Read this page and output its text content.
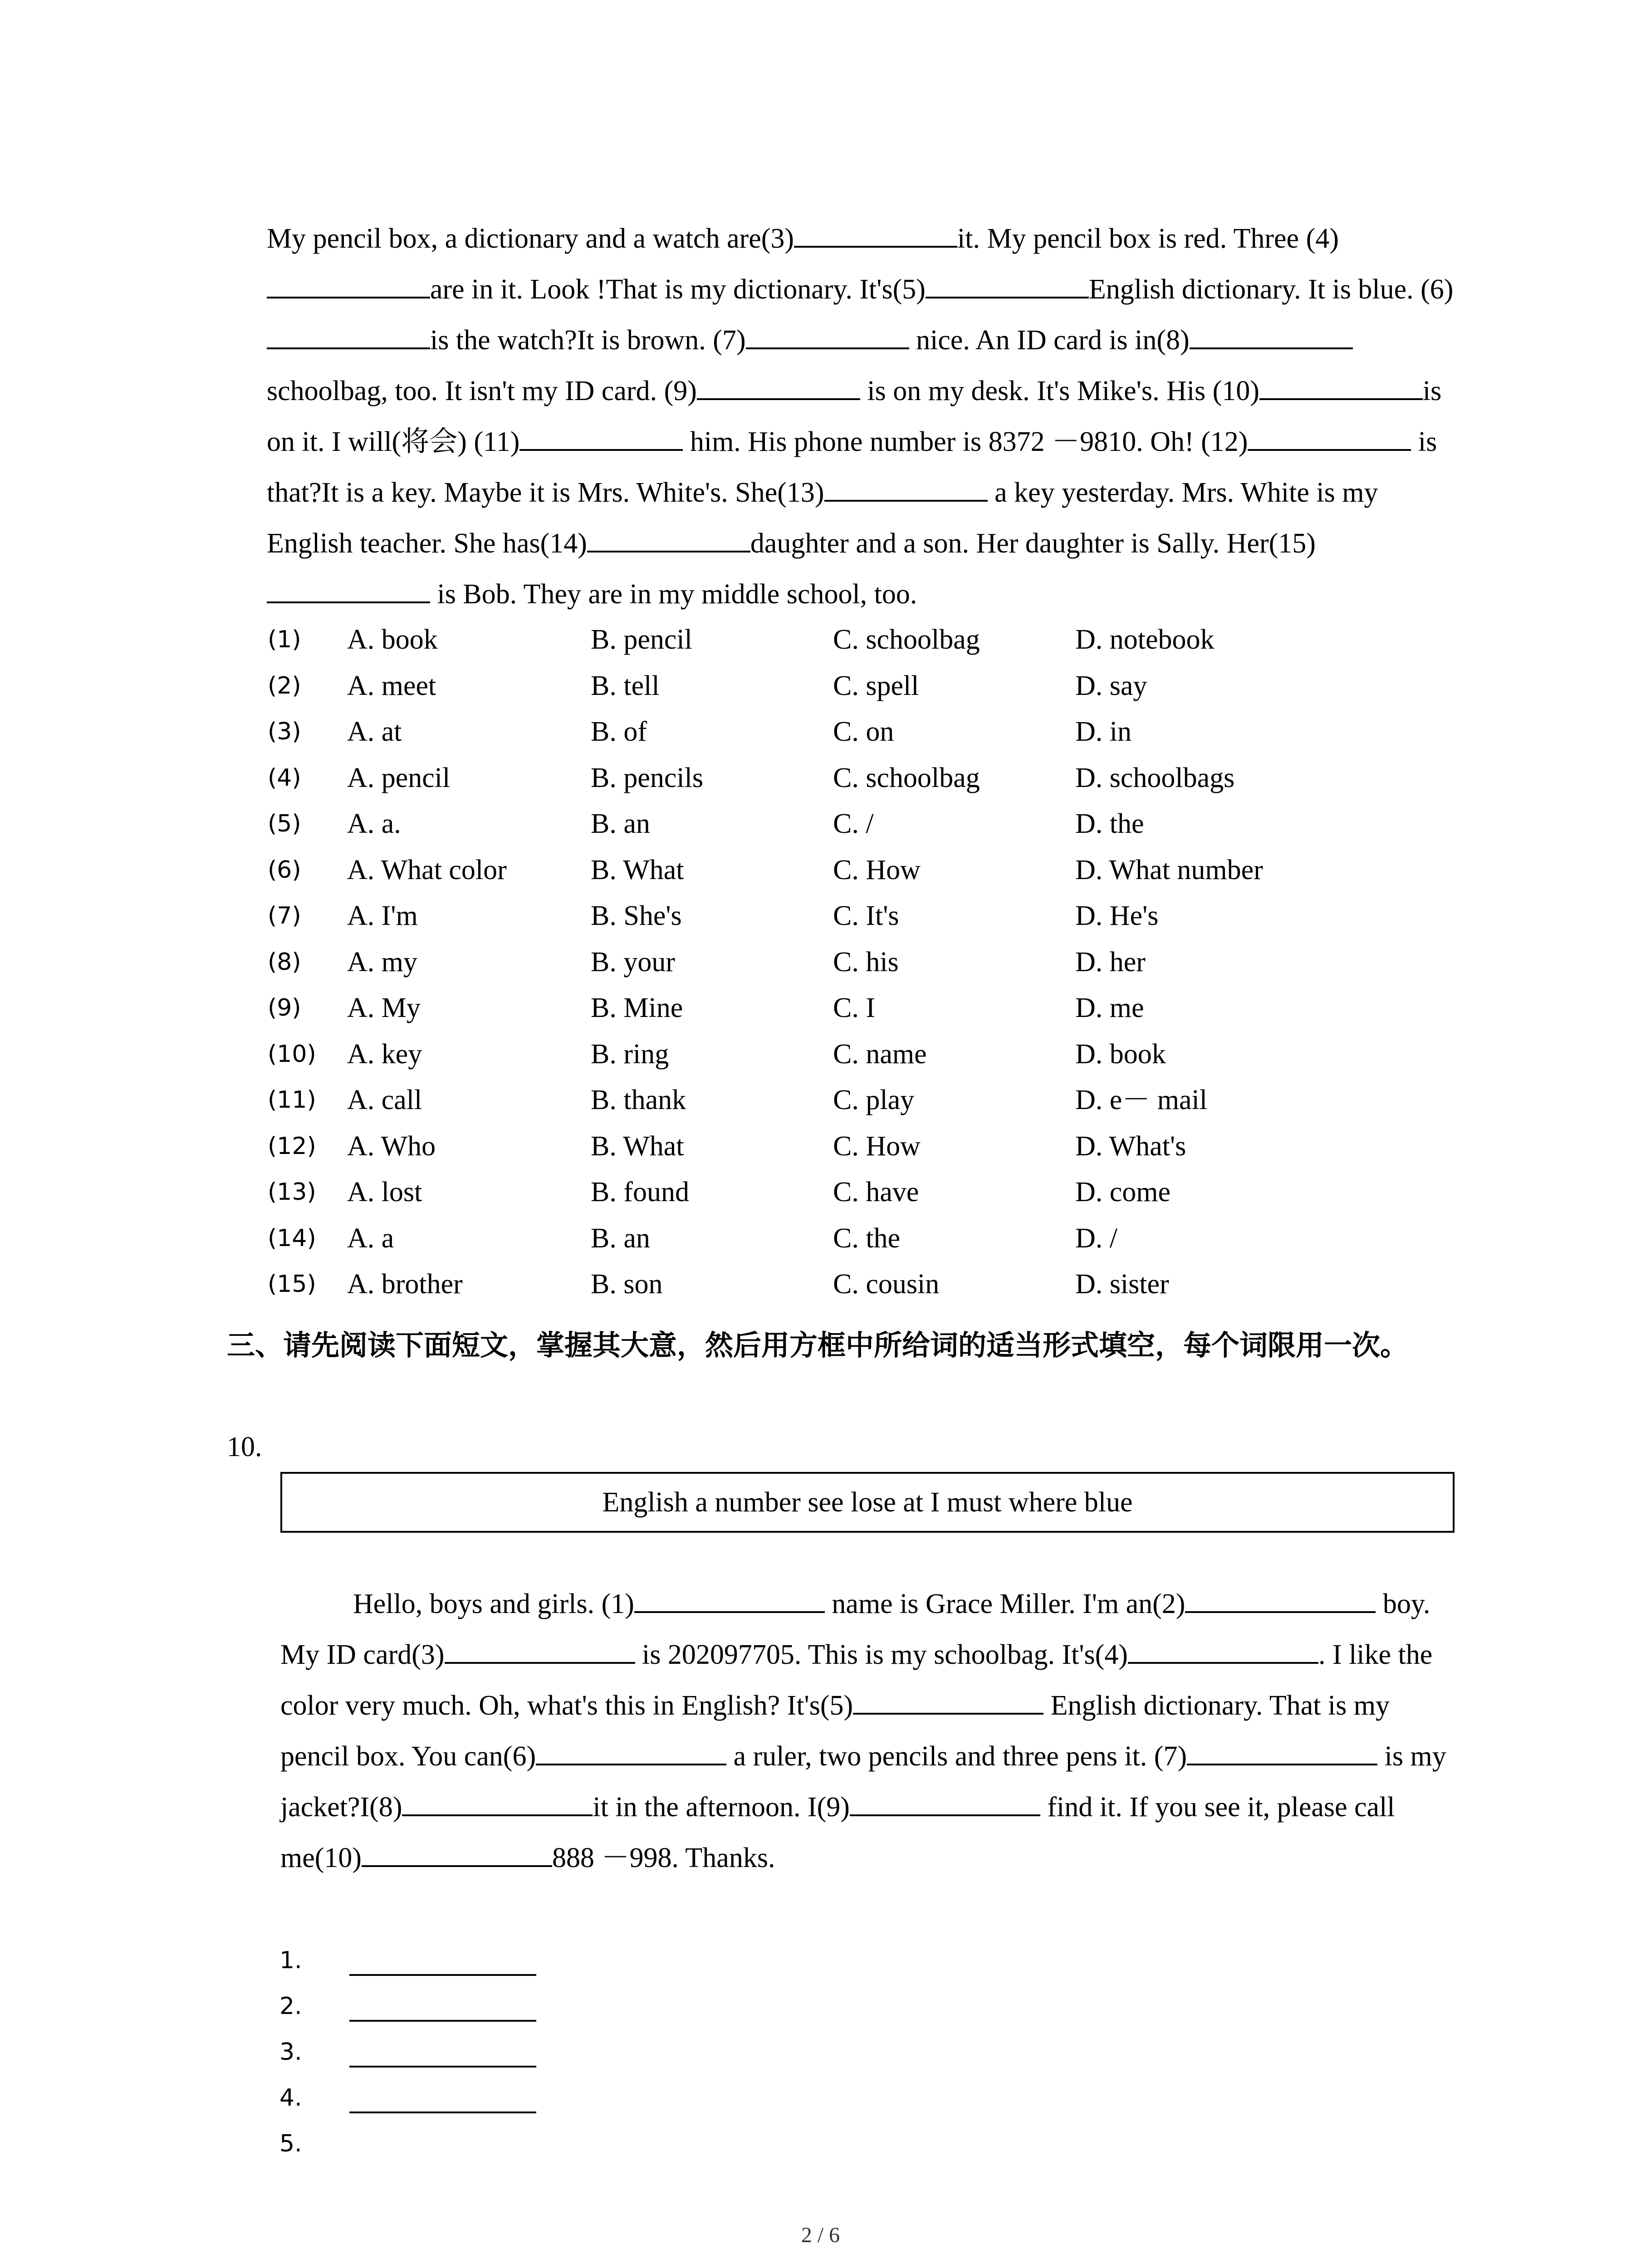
My pencil box, a dictionary and a watch are(3)	it. My pencil box is red. Three (4)are in it. Look !That is my dictionary. It's(5)	English dictionary. It is blue. (6)is the watch?It is brown. (7)	nice. An ID card is in(8)schoolbag, too. It isn't my ID card. (9)	is on my desk. It's Mike's. His (10)	is on it. I will(将会) (11)	him. His phone number is 8372 －9810. Oh! (12)	is that?It is a key. Maybe it is Mrs. White's. She(13)	a key yesterday. Mrs. White is my English teacher. She has(14)	daughter and a son. Her daughter is Sally. Her(15) is Bob. They are in my middle school, too.

(1) A. book	B. pencil	C. schoolbag	D. notebook
(2) A. meet	B. tell	C. spell	D. say
(3) A. at	B. of	C. on	D. in
(4) A. pencil	B. pencils	C. schoolbag	D. schoolbags
(5) A. a.	B. an	C. /	D. the
(6) A. What color	B. What	C. How	D. What number
(7) A. I'm	B. She's	C. It's	D. He's
(8) A. my	B. your	C. his	D. her
(9) A. My	B. Mine	C. I	D. me
(10) A. key	B. ring	C. name	D. book
(11) A. call	B. thank	C. play	D. e－ mail
(12) A. Who	B. What	C. How	D. What's
(13) A. lost	B. found	C. have	D. come
(14) A. a	B. an	C. the	D. /
(15) A. brother	B. son	C. cousin	D. sister

三、请先阅读下面短文，掌握其大意，然后用方框中所给词的适当形式填空，每个词限用一次。

10.
English a number see lose at I must where blue

Hello, boys and girls. (1)	name is Grace Miller. I'm an(2)	boy. My ID card(3)	is 202097705. This is my schoolbag. It's(4)	. I like the color very much. Oh, what's this in English? It's(5)	English dictionary. That is my pencil box. You can(6)	a ruler, two pencils and three pens it. (7)	is my jacket?I(8)	it in the afternoon. I(9)	find it. If you see it, please call me(10)	888 －998. Thanks.

1.
2.
3.
4.
5.
2 / 6
